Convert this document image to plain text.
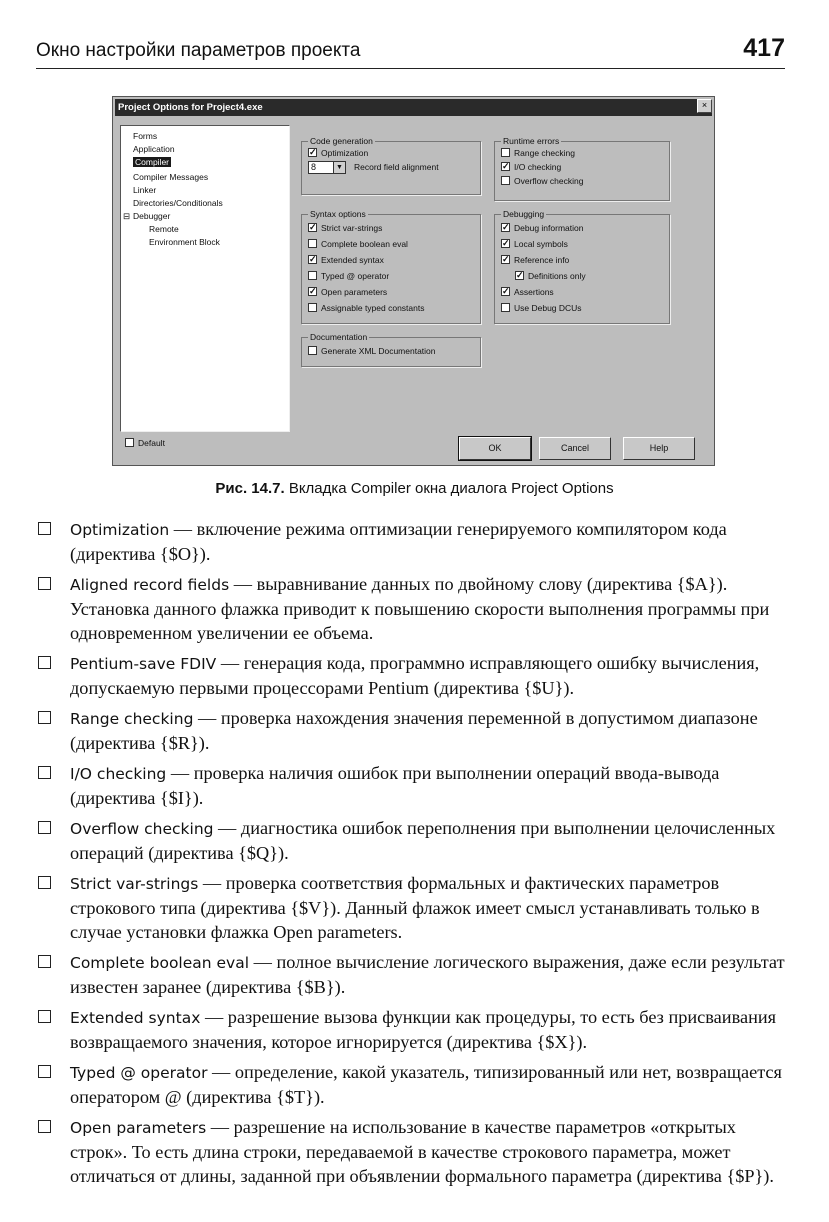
Окно настройки параметров проекта	417
Project Options for Project4.exe	×
Forms
Application
Compiler
Compiler Messages
Linker
Directories/Conditionals
⊟ Debugger
Remote
Environment Block
Code generation
✓ Optimization
8	▼ Record field alignment
Runtime errors
Range checking
✓ I/O checking
Overflow checking
Syntax options
✓ Strict var-strings
Complete boolean eval
✓ Extended syntax
Typed @ operator
✓ Open parameters
Assignable typed constants
Debugging
✓ Debug information
✓ Local symbols
✓ Reference info
✓ Definitions only
✓ Assertions
Use Debug DCUs
Documentation
Generate XML Documentation
Default	OK	Cancel	Help
Рис. 14.7. Вкладка Compiler окна диалога Project Options
Optimization — включение режима оптимизации генерируемого компилятором кода (директива {$O}).
Aligned record fields — выравнивание данных по двойному слову (директива {$A}). Установка данного флажка приводит к повышению скорости выполнения программы при одновременном увеличении ее объема.
Pentium-save FDIV — генерация кода, программно исправляющего ошибку вычисления, допускаемую первыми процессорами Pentium (директива {$U}).
Range checking — проверка нахождения значения переменной в допустимом диапазоне (директива {$R}).
I/O checking — проверка наличия ошибок при выполнении операций ввода-вывода (директива {$I}).
Overflow checking — диагностика ошибок переполнения при выполнении целочисленных операций (директива {$Q}).
Strict var-strings — проверка соответствия формальных и фактических параметров строкового типа (директива {$V}). Данный флажок имеет смысл устанавливать только в случае установки флажка Open parameters.
Complete boolean eval — полное вычисление логического выражения, даже если результат известен заранее (директива {$B}).
Extended syntax — разрешение вызова функции как процедуры, то есть без присваивания возвращаемого значения, которое игнорируется (директива {$X}).
Typed @ operator — определение, какой указатель, типизированный или нет, возвращается оператором @ (директива {$T}).
Open parameters — разрешение на использование в качестве параметров «открытых строк». То есть длина строки, передаваемой в качестве строкового параметра, может отличаться от длины, заданной при объявлении формального параметра (директива {$P}).
